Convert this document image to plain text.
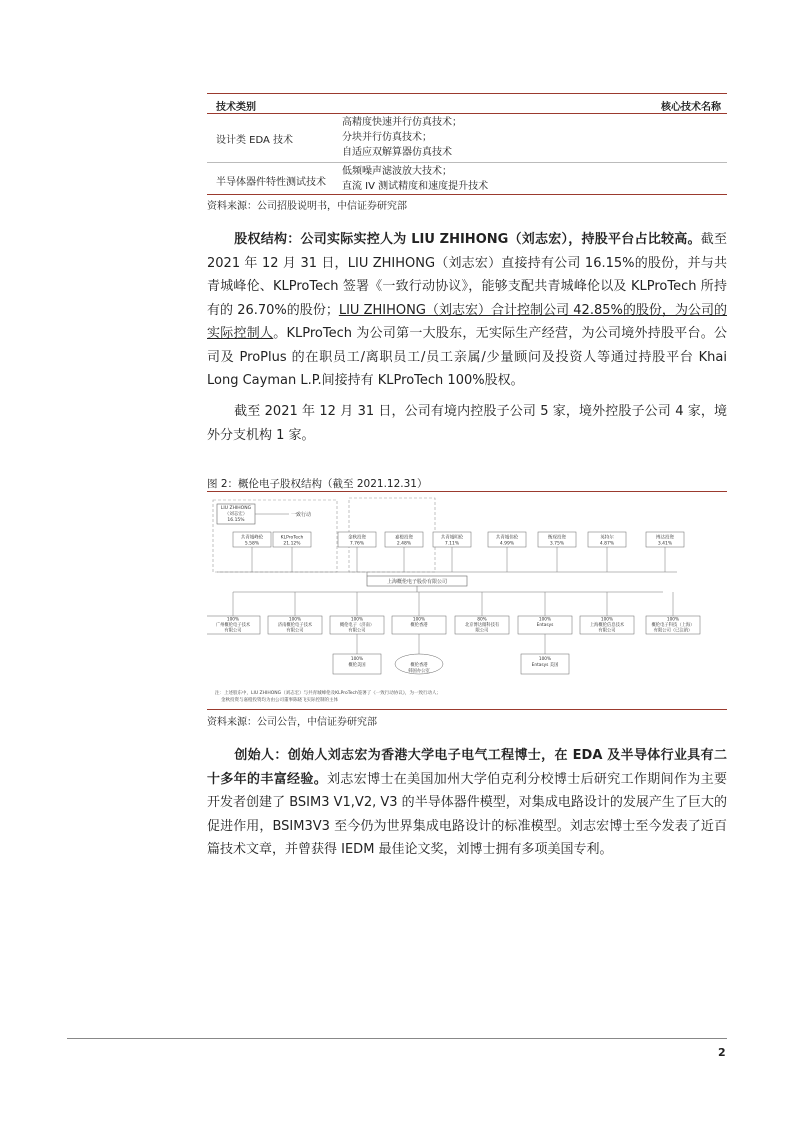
技术类别	核心技术名称
设计类 EDA 技术
高精度快速并行仿真技术；
分块并行仿真技术；
自适应双解算器仿真技术
半导体器件特性测试技术
低频噪声滤波放大技术；
直流 IV 测试精度和速度提升技术
资料来源：公司招股说明书，中信证券研究部
股权结构：公司实际实控人为 LIU ZHIHONG（刘志宏），持股平台占比较高。截至 2021 年 12 月 31 日，LIU ZHIHONG（刘志宏）直接持有公司 16.15%的股份，并与共青城峰伦、KLProTech 签署《一致行动协议》，能够支配共青城峰伦以及 KLProTech 所持有的 26.70%的股份；LIU ZHIHONG（刘志宏）合计控制公司 42.85%的股份，为公司的实际控制人。KLProTech 为公司第一大股东，无实际生产经营，为公司境外持股平台。公司及 ProPlus 的在职员工/离职员工/员工亲属/少量顾问及投资人等通过持股平台 Khai Long Cayman L.P.间接持有 KLProTech 100%股权。
截至 2021 年 12 月 31 日，公司有境内控股子公司 5 家，境外控股子公司 4 家，境外分支机构 1 家。
图 2：概伦电子股权结构（截至 2021.12.31）
LIU ZHIHONG
（刘志宏）
16.15%
一致行动
共青城峰伦
5.58%
KLProTech
21.12%
金秋投资
7.76%
嘉橙投资
2.48%
共青城明伦
7.11%
共青城伟伦
4.99%
衡琛投资
3.75%
英特尔
4.87%
博达投资
3.41%
上海概伦电子股份有限公司
100%
广州概伦电子技术
有限公司
100%
济南概伦电子技术
有限公司
100%
概伦电子（济南）
有限公司
100%
概伦香港
80%
北京博达微科技有
限公司
100%
Entasys
100%
上海概伦信息技术
有限公司
100%
概伦电子科技（上海）
有限公司（已注销）
100%
概伦美国	概伦香港
韩国办公室
100%
Entasys 美国
注：上述股东中，LIU ZHIHONG（刘志宏）与共青城峰伦及KLProTech签署了《一致行动协议》，为一致行动人；
金秋投资与嘉橙投资均为由公司董事陈晓飞实际控制的主体
资料来源：公司公告，中信证券研究部
创始人：创始人刘志宏为香港大学电子电气工程博士，在 EDA 及半导体行业具有二十多年的丰富经验。刘志宏博士在美国加州大学伯克利分校博士后研究工作期间作为主要开发者创建了 BSIM3 V1,V2, V3 的半导体器件模型，对集成电路设计的发展产生了巨大的促进作用，BSIM3V3 至今仍为世界集成电路设计的标准模型。刘志宏博士至今发表了近百篇技术文章，并曾获得 IEDM 最佳论文奖，刘博士拥有多项美国专利。
2
